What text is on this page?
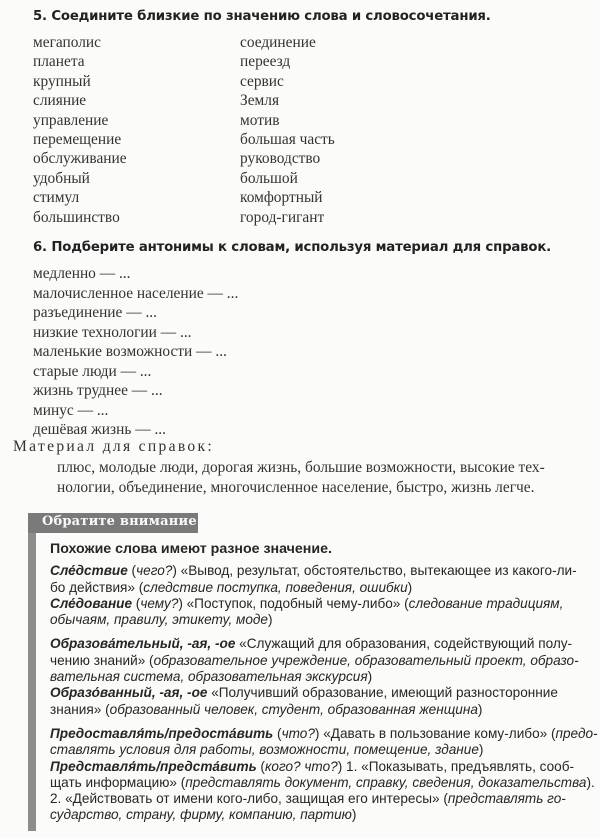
5. Соедините близкие по значению слова и словосочетания.
мегаполис	соединение
планета	переезд
крупный	сервис
слияние	Земля
управление	мотив
перемещение	большая часть
обслуживание	руководство
удобный	большой
стимул	комфортный
большинство	город-гигант
6. Подберите антонимы к словам, используя материал для справок.
медленно — ...
малочисленное население — ...
разъединение — ...
низкие технологии — ...
маленькие возможности — ...
старые люди — ...
жизнь труднее — ...
минус — ...
дешёвая жизнь — ...
Материал для справок:
плюс, молодые люди, дорогая жизнь, большие возможности, высокие тех-
нологии, объединение, многочисленное население, быстро, жизнь легче.
Обратите внимание!
Похожие слова имеют разное значение.
Сле́дствие (чего?) «Вывод, результат, обстоятельство, вытекающее из какого-ли-
бо действия» (следствие поступка, поведения, ошибки)
Сле́дование (чему?) «Поступок, подобный чему-либо» (следование традициям,
обычаям, правилу, этикету, моде)
Образова́тельный, -ая, -ое «Служащий для образования, содействующий полу-
чению знаний» (образовательное учреждение, образовательный проект, образо-
вательная система, образовательная экскурсия)
Образо́ванный, -ая, -ое «Получивший образование, имеющий разносторонние
знания» (образованный человек, студент, образованная женщина)
Предоставля́ть/предоста́вить (что?) «Давать в пользование кому-либо» (предо-
ставлять условия для работы, возможности, помещение, здание)
Представля́ть/предста́вить (кого? что?) 1. «Показывать, предъявлять, сооб-
щать информацию» (представлять документ, справку, сведения, доказательства).
2. «Действовать от имени кого-либо, защищая его интересы» (представлять го-
сударство, страну, фирму, компанию, партию)
